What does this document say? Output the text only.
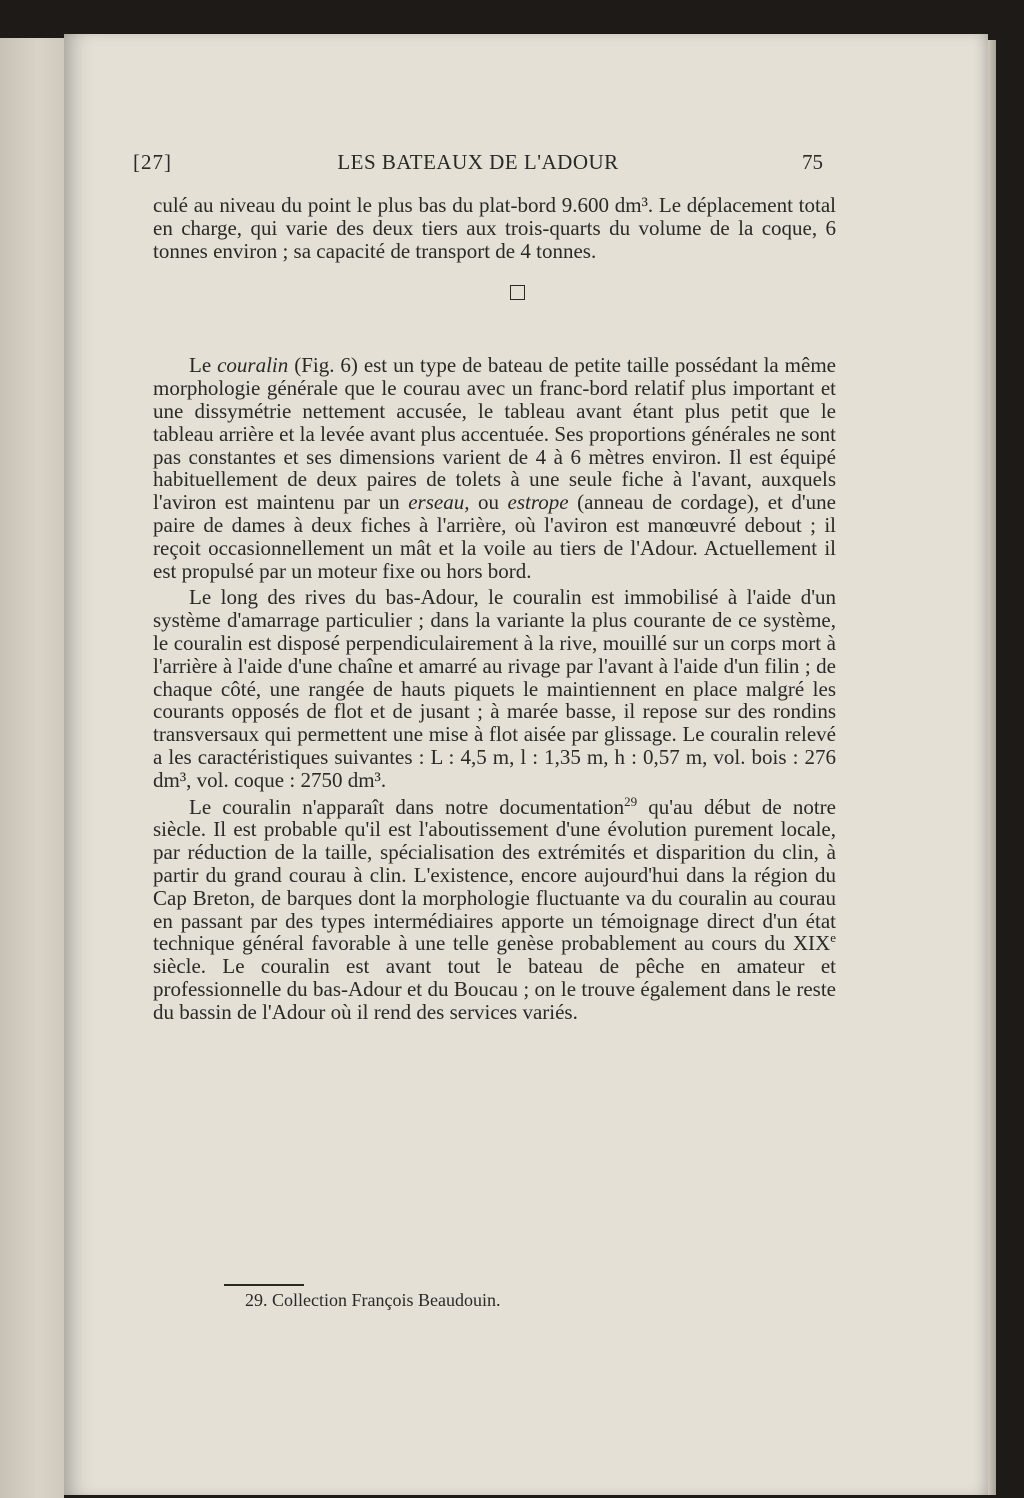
[27]	LES BATEAUX DE L'ADOUR	75

culé au niveau du point le plus bas du plat-bord 9.600 dm³. Le déplacement total en charge, qui varie des deux tiers aux trois-quarts du volume de la coque, 6 tonnes environ ; sa capacité de transport de 4 tonnes.

Le couralin (Fig. 6) est un type de bateau de petite taille possédant la même morphologie générale que le courau avec un franc-bord relatif plus important et une dissymétrie nettement accusée, le tableau avant étant plus petit que le tableau arrière et la levée avant plus accentuée. Ses proportions générales ne sont pas constantes et ses dimensions varient de 4 à 6 mètres environ. Il est équipé habituellement de deux paires de tolets à une seule fiche à l'avant, auxquels l'aviron est maintenu par un erseau, ou estrope (anneau de cordage), et d'une paire de dames à deux fiches à l'arrière, où l'aviron est manœuvré debout ; il reçoit occasionnellement un mât et la voile au tiers de l'Adour. Actuellement il est propulsé par un moteur fixe ou hors bord.

Le long des rives du bas-Adour, le couralin est immobilisé à l'aide d'un système d'amarrage particulier ; dans la variante la plus courante de ce système, le couralin est disposé perpendiculairement à la rive, mouillé sur un corps mort à l'arrière à l'aide d'une chaîne et amarré au rivage par l'avant à l'aide d'un filin ; de chaque côté, une rangée de hauts piquets le maintiennent en place malgré les courants opposés de flot et de jusant ; à marée basse, il repose sur des rondins transversaux qui permettent une mise à flot aisée par glissage. Le couralin relevé a les caractéristiques suivantes : L : 4,5 m, l : 1,35 m, h : 0,57 m, vol. bois : 276 dm³, vol. coque : 2750 dm³.

Le couralin n'apparaît dans notre documentation$^{29}$ qu'au début de notre siècle. Il est probable qu'il est l'aboutissement d'une évolution purement locale, par réduction de la taille, spécialisation des extrémités et disparition du clin, à partir du grand courau à clin. L'existence, encore aujourd'hui dans la région du Cap Breton, de barques dont la morphologie fluctuante va du couralin au courau en passant par des types intermédiaires apporte un témoignage direct d'un état technique général favorable à une telle genèse probablement au cours du XIXe siècle. Le couralin est avant tout le bateau de pêche en amateur et professionnelle du bas-Adour et du Boucau ; on le trouve également dans le reste du bassin de l'Adour où il rend des services variés.

29. Collection François Beaudouin.
